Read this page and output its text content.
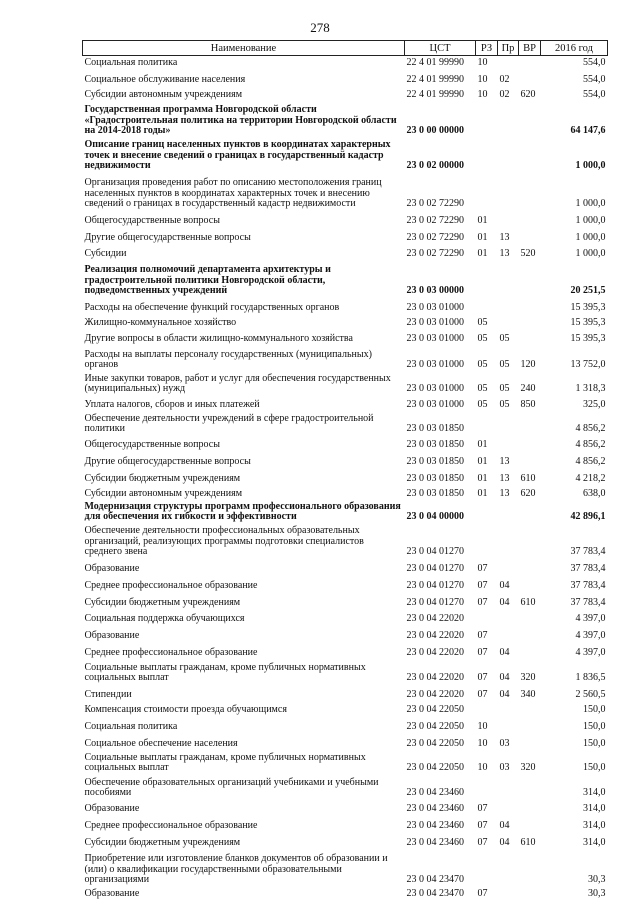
278
Наименование	ЦСТ	РЗ	Пр	ВР	2016 год
Социальная политика	22 4 01 99990	10			554,0
Социальное обслуживание населения	22 4 01 99990	10	02		554,0
Субсидии автономным учреждениям	22 4 01 99990	10	02	620	554,0
Государственная программа Новгородской области «Градостроительная политика на территории Новгородской области на 2014-2018 годы»	23 0 00 00000				64 147,6
Описание границ населенных пунктов в координатах характерных точек и внесение сведений о границах в государственный кадастр недвижимости	23 0 02 00000				1 000,0
Организация проведения работ по описанию местоположения границ населенных пунктов в координатах характерных точек и внесению сведений о границах в государственный кадастр недвижимости	23 0 02 72290				1 000,0
Общегосударственные вопросы	23 0 02 72290	01			1 000,0
Другие общегосударственные вопросы	23 0 02 72290	01	13		1 000,0
Субсидии	23 0 02 72290	01	13	520	1 000,0
Реализация полномочий департамента архитектуры и градостроительной политики Новгородской области, подведомственных учреждений	23 0 03 00000				20 251,5
Расходы на обеспечение функций государственных органов	23 0 03 01000				15 395,3
Жилищно-коммунальное хозяйство	23 0 03 01000	05			15 395,3
Другие вопросы в области жилищно-коммунального хозяйства	23 0 03 01000	05	05		15 395,3
Расходы на выплаты персоналу государственных (муниципальных) органов	23 0 03 01000	05	05	120	13 752,0
Иные закупки товаров, работ и услуг для обеспечения государственных (муниципальных) нужд	23 0 03 01000	05	05	240	1 318,3
Уплата налогов, сборов и иных платежей	23 0 03 01000	05	05	850	325,0
Обеспечение деятельности учреждений в сфере градостроительной политики	23 0 03 01850				4 856,2
Общегосударственные вопросы	23 0 03 01850	01			4 856,2
Другие общегосударственные вопросы	23 0 03 01850	01	13		4 856,2
Субсидии бюджетным учреждениям	23 0 03 01850	01	13	610	4 218,2
Субсидии автономным учреждениям	23 0 03 01850	01	13	620	638,0
Модернизация структуры программ профессионального образования для обеспечения их гибкости и эффективности	23 0 04 00000				42 896,1
Обеспечение деятельности профессиональных образовательных организаций, реализующих программы подготовки специалистов среднего звена	23 0 04 01270				37 783,4
Образование	23 0 04 01270	07			37 783,4
Среднее профессиональное образование	23 0 04 01270	07	04		37 783,4
Субсидии бюджетным учреждениям	23 0 04 01270	07	04	610	37 783,4
Социальная поддержка обучающихся	23 0 04 22020				4 397,0
Образование	23 0 04 22020	07			4 397,0
Среднее профессиональное образование	23 0 04 22020	07	04		4 397,0
Социальные выплаты гражданам, кроме публичных нормативных социальных выплат	23 0 04 22020	07	04	320	1 836,5
Стипендии	23 0 04 22020	07	04	340	2 560,5
Компенсация стоимости проезда обучающимся	23 0 04 22050				150,0
Социальная политика	23 0 04 22050	10			150,0
Социальное обеспечение населения	23 0 04 22050	10	03		150,0
Социальные выплаты гражданам, кроме публичных нормативных социальных выплат	23 0 04 22050	10	03	320	150,0
Обеспечение образовательных организаций учебниками и учебными пособиями	23 0 04 23460				314,0
Образование	23 0 04 23460	07			314,0
Среднее профессиональное образование	23 0 04 23460	07	04		314,0
Субсидии бюджетным учреждениям	23 0 04 23460	07	04	610	314,0
Приобретение или изготовление бланков документов об образовании и (или) о квалификации государственными образовательными организациями	23 0 04 23470				30,3
Образование	23 0 04 23470	07			30,3
